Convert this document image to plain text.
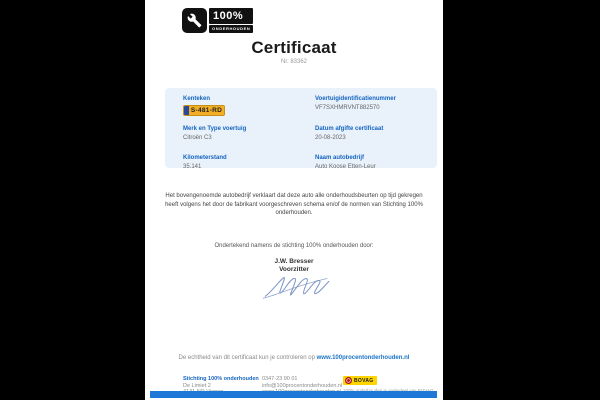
100%
ONDERHOUDEN
Certificaat
Nr. 83362
Kenteken
S-481-RD
Merk en Type voertuig
Citroën C3
Kilometerstand
35.141
Voertuigidentificatienummer
VF7SXHMRVNT882570
Datum afgifte certificaat
20-08-2023
Naam autobedrijf
Auto Koose Etten-Leur
Het bovengenoemde autobedrijf verklaart dat deze auto alle onderhoudsbeurten op tijd gekregen heeft volgens het door de fabrikant voorgeschreven schema en/of de normen van Stichting 100% onderhouden.
Ondertekend namens de stichting 100% onderhouden door:
J.W. Bresser
Voorzitter
De echtheid van dit certificaat kun je controleren op www.100procentonderhouden.nl
Stichting 100% onderhouden
De Limiet 2
0347-23 90 01
info@100procentonderhouden.nl
BOVAG
